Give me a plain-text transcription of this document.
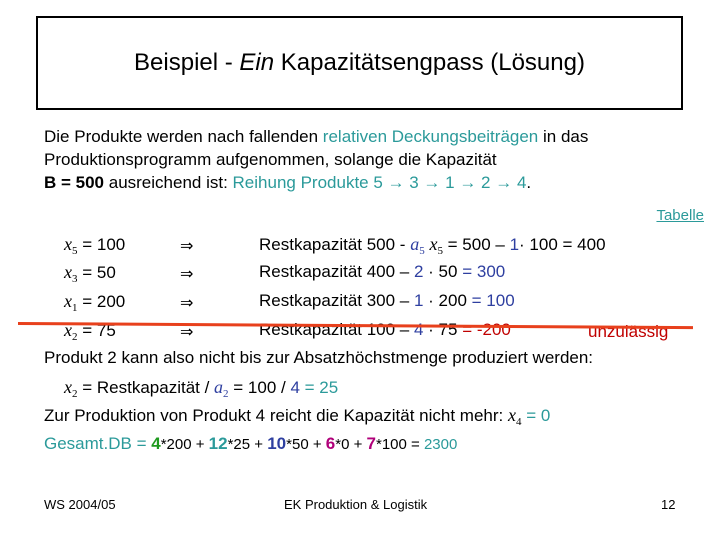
Beispiel - Ein Kapazitätsengpass (Lösung)
Die Produkte werden nach fallenden relativen Deckungsbeiträgen in das
Produktionsprogramm aufgenommen, solange die Kapazität
B = 500 ausreichend ist: Reihung Produkte 5 → 3 → 1 → 2 → 4.
Tabelle
$x_5 = 100$	⇒	Restkapazität $500 - a_5$ $x_5 = 500 - 1\cdot 100 = 400$
$x_3 = 50$	⇒	Restkapazität 400 – 2 · 50 = 300
$x_1 = 200$	⇒	Restkapazität 300 – 1 · 200 = 100
$x_2 = 75$	⇒	Restkapazität 100 – 4 · 75 = -200	unzulässig
Produkt 2 kann also nicht bis zur Absatzhöchstmenge produziert werden:
$x_2$ = Restkapazität / $a_2 = 100 / 4 = 25$
Zur Produktion von Produkt 4 reicht die Kapazität nicht mehr: $x_4 = 0$
Gesamt.DB = 4*200 + 12*25 + 10*50 + 6*0 + 7*100 = 2300
WS 2004/05	EK Produktion & Logistik	12
